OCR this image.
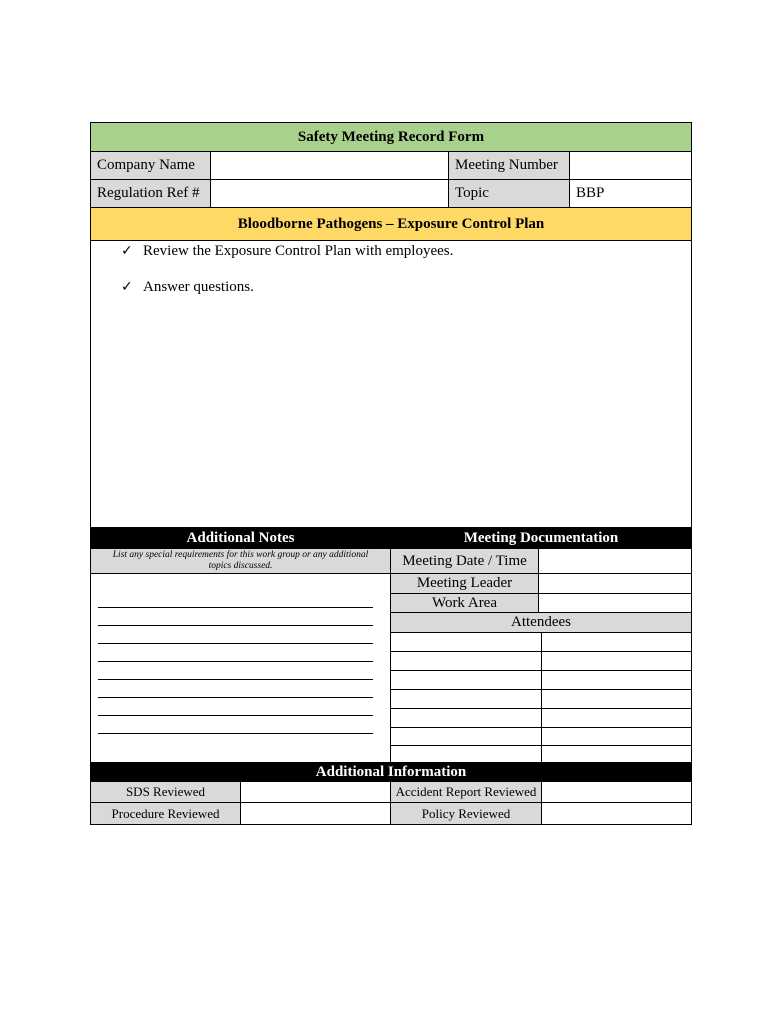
Safety Meeting Record Form
Company Name	Meeting Number
Regulation Ref #	Topic	BBP
Bloodborne Pathogens – Exposure Control Plan
✓ Review the Exposure Control Plan with employees.
✓ Answer questions.
Additional Notes	Meeting Documentation
List any special requirements for this work group or any additional topics discussed.	Meeting Date / Time
Meeting Leader
Work Area
Attendees
Additional Information
SDS Reviewed	Accident Report Reviewed
Procedure Reviewed	Policy Reviewed
